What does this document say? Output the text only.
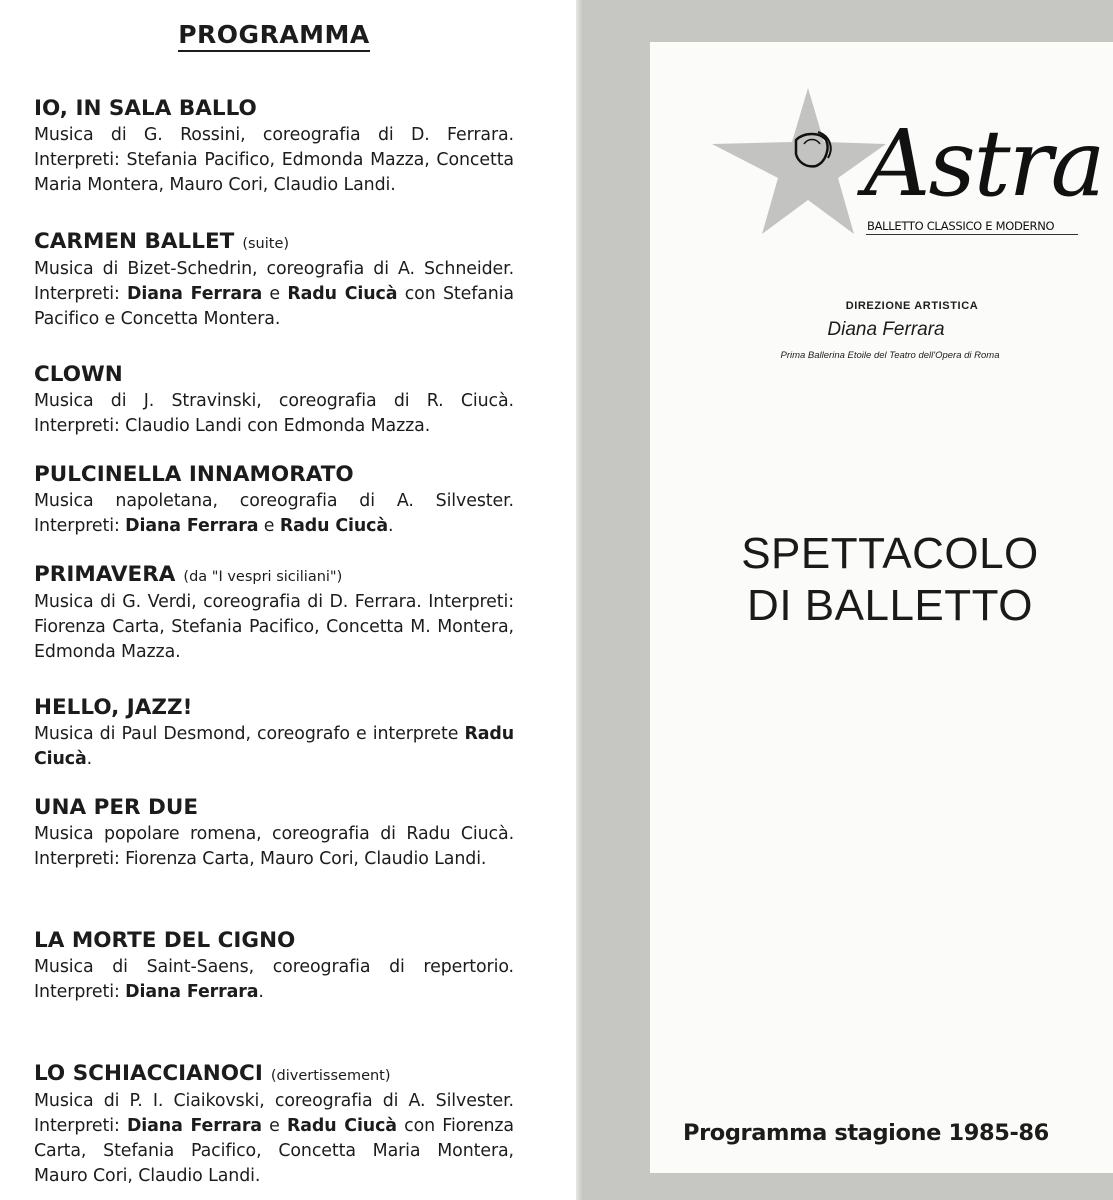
PROGRAMMA
IO, IN SALA BALLO
Musica di G. Rossini, coreografia di D. Ferrara. Interpreti: Stefania Pacifico, Edmonda Mazza, Concetta Maria Montera, Mauro Cori, Claudio Landi.
CARMEN BALLET (suite)
Musica di Bizet-Schedrin, coreografia di A. Schneider. Interpreti: Diana Ferrara e Radu Ciucà con Stefania Pacifico e Concetta Montera.
CLOWN
Musica di J. Stravinski, coreografia di R. Ciucà. Interpreti: Claudio Landi con Edmonda Mazza.
PULCINELLA INNAMORATO
Musica napoletana, coreografia di A. Silvester. Interpreti: Diana Ferrara e Radu Ciucà.
PRIMAVERA (da "I vespri siciliani")
Musica di G. Verdi, coreografia di D. Ferrara. Interpreti: Fiorenza Carta, Stefania Pacifico, Concetta M. Montera, Edmonda Mazza.
HELLO, JAZZ!
Musica di Paul Desmond, coreografo e interprete Radu Ciucà.
UNA PER DUE
Musica popolare romena, coreografia di Radu Ciucà. Interpreti: Fiorenza Carta, Mauro Cori, Claudio Landi.
LA MORTE DEL CIGNO
Musica di Saint-Saens, coreografia di repertorio. Interpreti: Diana Ferrara.
LO SCHIACCIANOCI (divertissement)
Musica di P. I. Ciaikovski, coreografia di A. Silvester. Interpreti: Diana Ferrara e Radu Ciucà con Fiorenza Carta, Stefania Pacifico, Concetta Maria Montera, Mauro Cori, Claudio Landi.
Astra
BALLETTO CLASSICO E MODERNO
DIREZIONE ARTISTICA
Diana Ferrara
Prima Ballerina Etoile del Teatro dell'Opera di Roma
SPETTACOLO
DI BALLETTO
Programma stagione 1985-86
